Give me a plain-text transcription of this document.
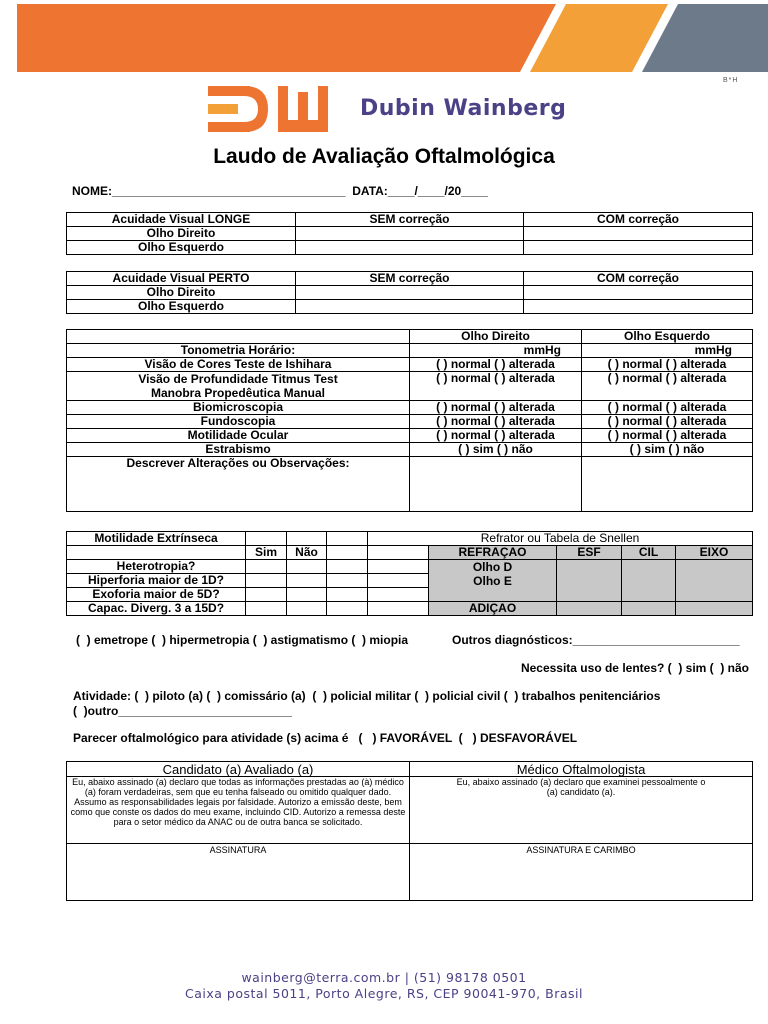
B*H
Dubin Wainberg
Laudo de Avaliação Oftalmológica
NOME:___________________________________  DATA:____/____/20____
Acuidade Visual LONGE	SEM correção	COM correção
Olho Direito		
Olho Esquerdo		
Acuidade Visual PERTO	SEM correção	COM correção
Olho Direito		
Olho Esquerdo		
	Olho Direito	Olho Esquerdo
Tonometria Horário:	mmHg	mmHg
Visão de Cores Teste de Ishihara	( ) normal ( ) alterada	( ) normal ( ) alterada
Visão de Profundidade Titmus Test
Manobra Propedêutica Manual	( ) normal ( ) alterada	( ) normal ( ) alterada
Biomicroscopia	( ) normal ( ) alterada	( ) normal ( ) alterada
Fundoscopia	( ) normal ( ) alterada	( ) normal ( ) alterada
Motilidade Ocular	( ) normal ( ) alterada	( ) normal ( ) alterada
Estrabismo	( ) sim ( ) não	( ) sim ( ) não
Descrever Alterações ou Observações:		
Motilidade Extrínseca				Refrator ou Tabela de Snellen				
	Sim	Não			REFRAÇAO	ESF	CIL	EIXO
Heterotropia?					Olho D
Olho E			
Hiperforia maior de 1D?								
Exoforia maior de 5D?								
Capac. Diverg. 3 a 15D?					ADIÇAO			
(  ) emetrope (  ) hipermetropia (  ) astigmatismo (  ) miopia	Outros diagnósticos:_________________________
Necessita uso de lentes? (  ) sim (  ) não
Atividade: (  ) piloto (a) (  ) comissário (a)  (  ) policial militar (  ) policial civil (  ) trabalhos penitenciários
(  )outro__________________________
Parecer oftalmológico para atividade (s) acima é   (   ) FAVORÁVEL  (   ) DESFAVORÁVEL
Candidato (a) Avaliado (a)	Médico Oftalmologista
Eu, abaixo assinado (a) declaro que todas as informações prestadas ao (à) médico (a) foram verdadeiras, sem que eu tenha falseado ou omitido qualquer dado. Assumo as responsabilidades legais por falsidade. Autorizo a emissão deste, bem como que conste os dados do meu exame, incluindo CID. Autorizo a remessa deste para o setor médico da ANAC ou de outra banca se solicitado.	Eu, abaixo assinado (a) declaro que examinei pessoalmente o (a) candidato (a).
ASSINATURA	ASSINATURA E CARIMBO
wainberg@terra.com.br | (51) 98178 0501
Caixa postal 5011, Porto Alegre, RS, CEP 90041-970, Brasil
